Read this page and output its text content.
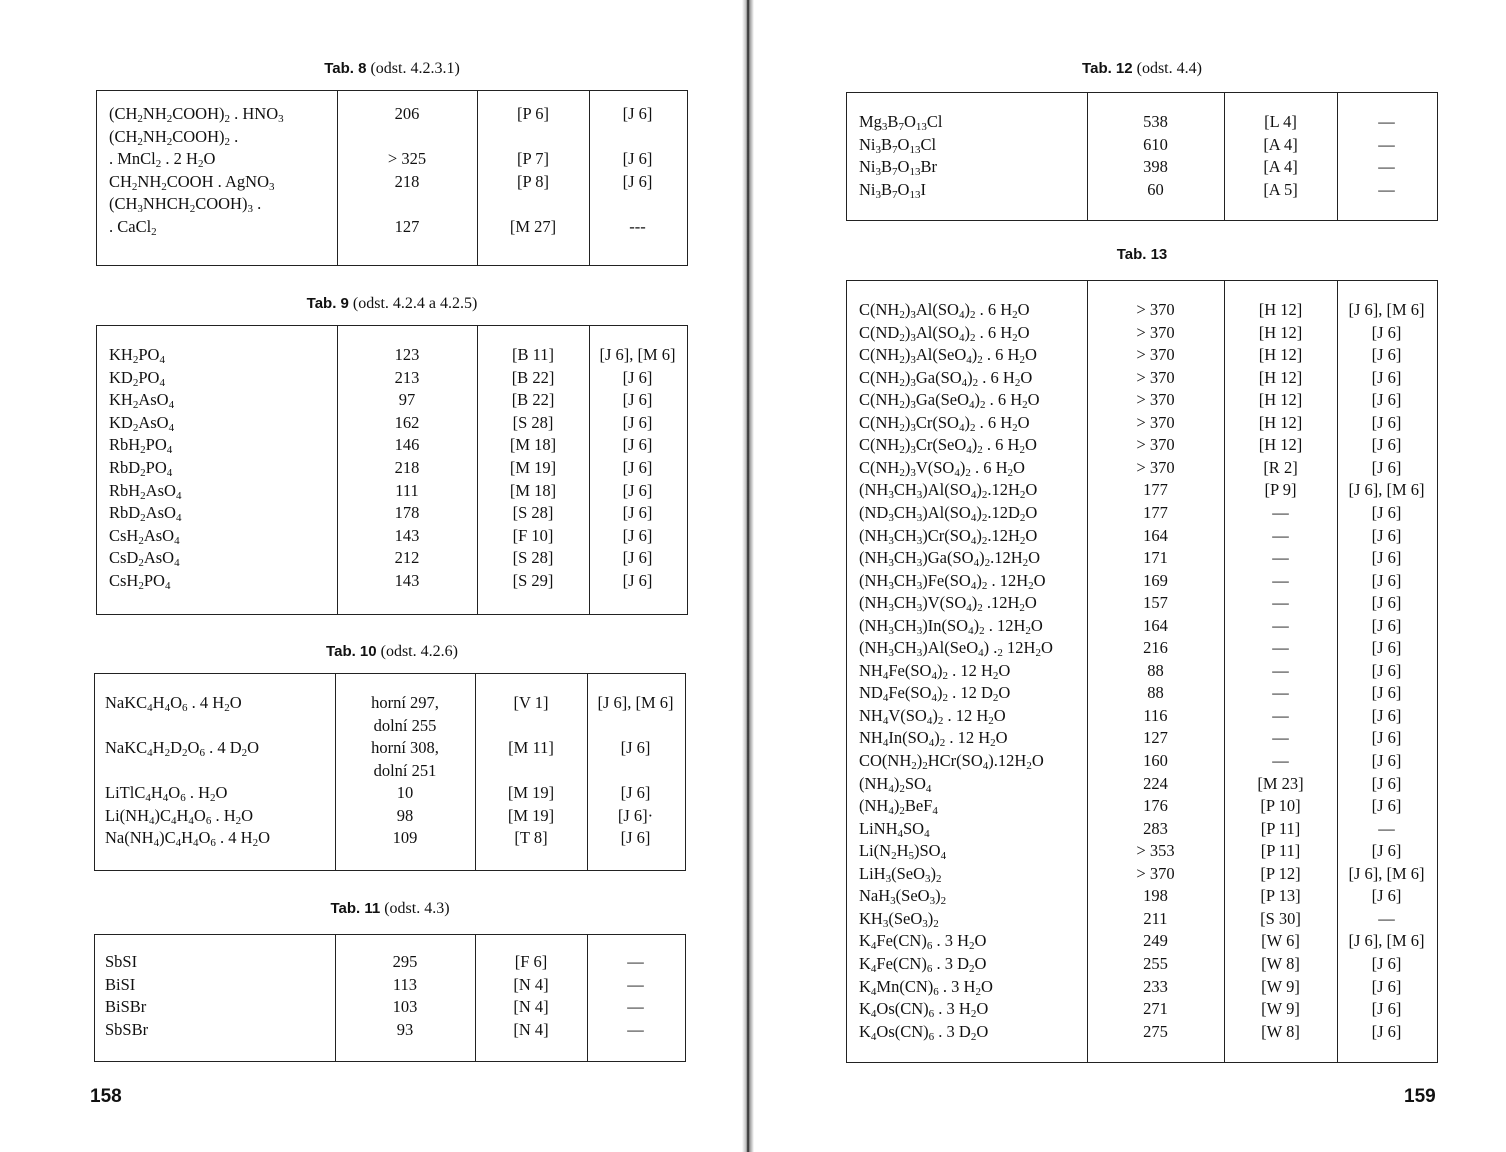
Tab. 8 (odst. 4.2.3.1)
$(CH_2NH_2COOH)_2$ . $HNO_3$	206	[P 6]	[J 6]
$(CH_2NH_2COOH)_2$ .
. MnCl$_2$ . 2 $H_2O$	> 325	[P 7]	[J 6]
$CH_2NH_2COOH$ . AgNO$_3$	218	[P 8]	[J 6]
$(CH_3NHCH_2COOH)_3$ .
. CaCl$_2$	127	[M 27]	---
Tab. 9 (odst. 4.2.4 a 4.2.5)
$KH_2PO_4$	123	[B 11]	[J 6], [M 6]
$KD_2PO_4$	213	[B 22]	[J 6]
$KH_2AsO_4$	97	[B 22]	[J 6]
$KD_2AsO_4$	162	[S 28]	[J 6]
$RbH_2PO_4$	146	[M 18]	[J 6]
$RbD_2PO_4$	218	[M 19]	[J 6]
RbH$_2$AsO$_4$	111	[M 18]	[J 6]
RbD$_2$AsO$_4$	178	[S 28]	[J 6]
CsH$_2$AsO$_4$	143	[F 10]	[J 6]
CsD$_2$AsO$_4$	212	[S 28]	[J 6]
$CsH_2PO_4$	143	[S 29]	[J 6]
Tab. 10 (odst. 4.2.6)
$NaKC_4H_4O_6$ . 4 $H_2O$	horní 297,	[V 1]	[J 6], [M 6]
dolní 255
$NaKC_4H_2D_2O_6$ . 4 $D_2O$	horní 308,	[M 11]	[J 6]
dolní 251
$LiTlC_4H_4O_6$ . $H_2O$	10	[M 19]	[J 6]
$Li(NH_4)C_4H_4O_6$ . $H_2O$	98	[M 19]	[J 6]·
$Na(NH_4)C_4H_4O_6$ . 4 $H_2O$	109	[T 8]	[J 6]
Tab. 11 (odst. 4.3)
SbSI	295	[F 6]	—
BiSI	113	[N 4]	—
BiSBr	103	[N 4]	—
SbSBr	93	[N 4]	—
158
Tab. 12 (odst. 4.4)
$Mg_3B_7O_{13}Cl$	538	[L 4]	—
$Ni_3B_7O_{13}Cl$	610	[A 4]	—
$Ni_3B_7O_{13}Br$	398	[A 4]	—
$Ni_3B_7O_{13}I$	60	[A 5]	—
Tab. 13
$C(NH_2)_3Al(SO_4)_2$ . 6 $H_2O$	> 370	[H 12]	[J 6], [M 6]
$C(ND_2)_3Al(SO_4)_2$ . 6 $H_2O$	> 370	[H 12]	[J 6]
$C(NH_2)_3Al(SeO_4)_2$ . 6 $H_2O$	> 370	[H 12]	[J 6]
$C(NH_2)_3Ga(SO_4)_2$ . 6 $H_2O$	> 370	[H 12]	[J 6]
$C(NH_2)_3Ga(SeO_4)_2$ . 6 $H_2O$	> 370	[H 12]	[J 6]
$C(NH_2)_3Cr(SO_4)_2$ . 6 $H_2O$	> 370	[H 12]	[J 6]
$C(NH_2)_3Cr(SeO_4)_2$ . 6 $H_2O$	> 370	[H 12]	[J 6]
$C(NH_2)_3V(SO_4)_2$ . 6 $H_2O$	> 370	[R 2]	[J 6]
$(NH_3CH_3)Al(SO_4)_2.12H_2O$	177	[P 9]	[J 6], [M 6]
$(ND_3CH_3)Al(SO_4)_2.12D_2O$	177	—	[J 6]
$(NH_3CH_3)Cr(SO_4)_2.12H_2O$	164	—	[J 6]
$(NH_3CH_3)Ga(SO_4)_2.12H_2O$	171	—	[J 6]
$(NH_3CH_3)Fe(SO_4)_2$ . $12H_2O$	169	—	[J 6]
$(NH_3CH_3)V(SO_4)_2$ $.12H_2O$	157	—	[J 6]
$(NH_3CH_3)In(SO_4)_2$ . $12H_2O$	164	—	[J 6]
$(NH_3CH_3)Al(SeO_4)$ $._2$ $12H_2O$	216	—	[J 6]
$NH_4Fe(SO_4)_2$ . 12 $H_2O$	88	—	[J 6]
$ND_4Fe(SO_4)_2$ . 12 $D_2O$	88	—	[J 6]
$NH_4V(SO_4)_2$ . 12 $H_2O$	116	—	[J 6]
$NH_4In(SO_4)_2$ . 12 $H_2O$	127	—	[J 6]
$CO(NH_2)_2HCr(SO_4).12H_2O$	160	—	[J 6]
$(NH_4)_2SO_4$	224	[M 23]	[J 6]
$(NH_4)_2BeF_4$	176	[P 10]	[J 6]
$LiNH_4SO_4$	283	[P 11]	—
$Li(N_2H_5)SO_4$	> 353	[P 11]	[J 6]
$LiH_3(SeO_3)_2$	> 370	[P 12]	[J 6], [M 6]
$NaH_3(SeO_3)_2$	198	[P 13]	[J 6]
$KH_3(SeO_3)_2$	211	[S 30]	—
$K_4Fe(CN)_6$ . 3 $H_2O$	249	[W 6]	[J 6], [M 6]
$K_4Fe(CN)_6$ . 3 $D_2O$	255	[W 8]	[J 6]
$K_4Mn(CN)_6$ . 3 $H_2O$	233	[W 9]	[J 6]
$K_4Os(CN)_6$ . 3 $H_2O$	271	[W 9]	[J 6]
$K_4Os(CN)_6$ . 3 $D_2O$	275	[W 8]	[J 6]
159
